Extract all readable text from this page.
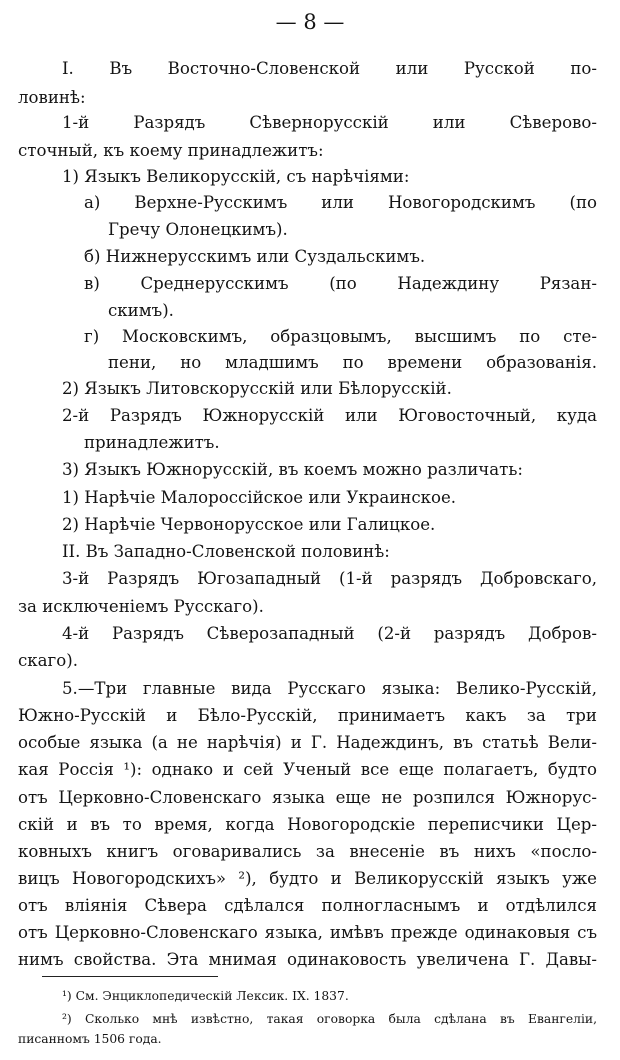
— 8 —
I. Въ Восточно-Словенской или Русской по-
ловинѣ:
1-й Разрядъ Сѣвернорусскій или Сѣверово-
сточный, къ коему принадлежитъ:
1) Языкъ Великорусскій, съ нарѣчіями:
а) Верхне-Русскимъ или Новогородскимъ (по
Гречу Олонецкимъ).
б) Нижнерусскимъ или Суздальскимъ.
в) Среднерусскимъ (по Надеждину Рязан-
скимъ).
г) Московскимъ, образцовымъ, высшимъ по сте-
пени, но младшимъ по времени образованія.
2) Языкъ Литовскорусскій или Бѣлорусскій.
2-й Разрядъ Южнорусскій или Юговосточный, куда
принадлежитъ.
3) Языкъ Южнорусскій, въ коемъ можно различать:
1) Нарѣчіе Малороссійское или Украинское.
2) Нарѣчіе Червонорусское или Галицкое.
II. Въ Западно-Словенской половинѣ:
3-й Разрядъ Югозападный (1-й разрядъ Добровскаго,
за исключеніемъ Русскаго).
4-й Разрядъ Сѣверозападный (2-й разрядъ Добров-
скаго).
5.—Три главные вида Русскаго языка: Велико-Русскій,
Южно-Русскій и Бѣло-Русскій, принимаетъ какъ за три
особые языка (а не нарѣчія) и Г. Надеждинъ, въ статьѣ Вели-
кая Россія ¹): однако и сей Ученый все еще полагаетъ, будто
отъ Церковно-Словенскаго языка еще не розпился Южнорус-
скій и въ то время, когда Новогородскіе переписчики Цер-
ковныхъ книгъ оговаривались за внесеніе въ нихъ «посло-
вицъ Новогородскихъ» ²), будто и Великорусскій языкъ уже
отъ вліянія Сѣвера сдѣлался полногласнымъ и отдѣлился
отъ Церковно-Словенскаго языка, имѣвъ прежде одинаковыя съ
нимъ свойства. Эта мнимая одинаковость увеличена Г. Давы-
¹) См. Энциклопедическій Лексик. IX. 1837.
²) Сколько мнѣ извѣстно, такая оговорка была сдѣлана въ Евангеліи,
писанномъ 1506 года.
